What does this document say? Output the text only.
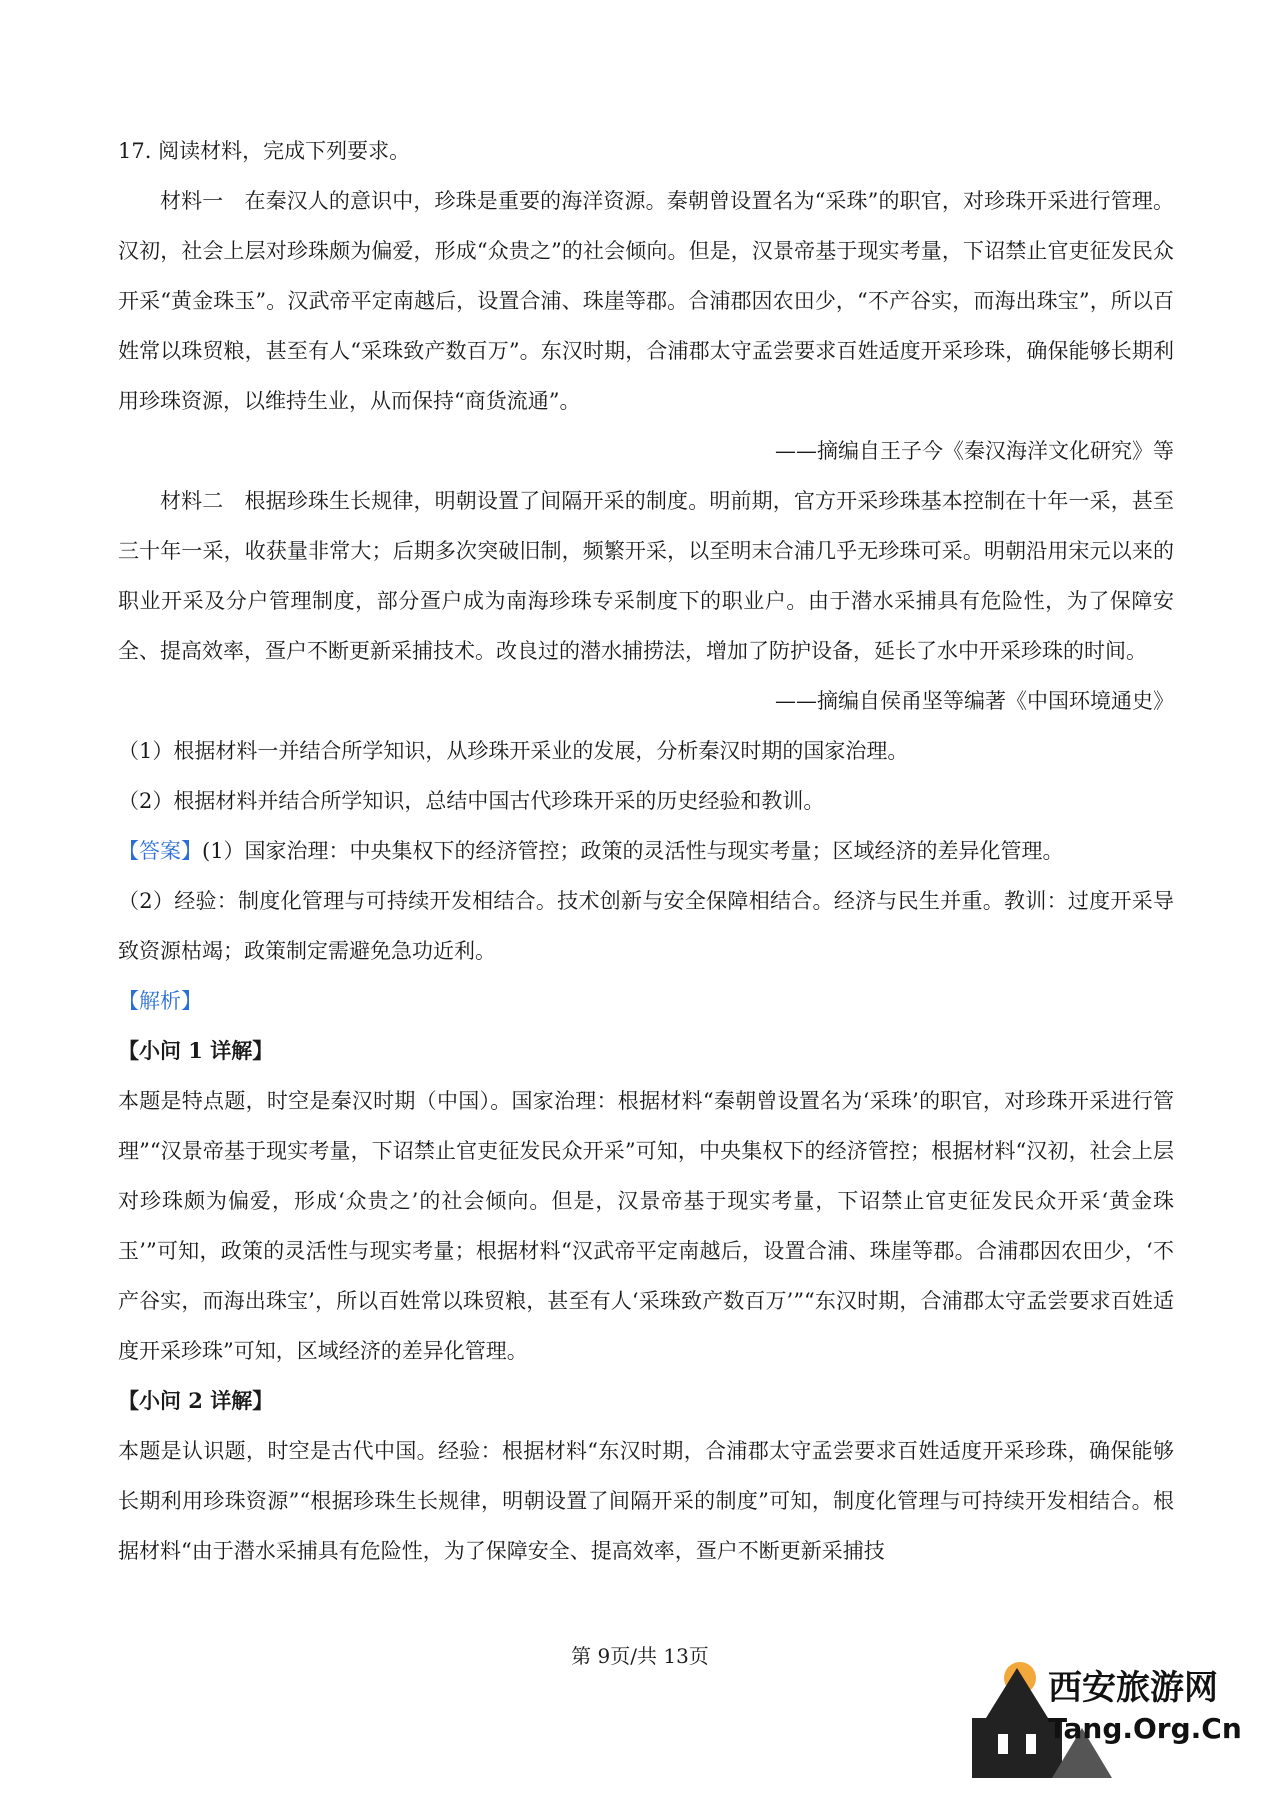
17. 阅读材料，完成下列要求。
材料一　在秦汉人的意识中，珍珠是重要的海洋资源。秦朝曾设置名为“采珠”的职官，对珍珠开采进行管理。汉初，社会上层对珍珠颇为偏爱，形成“众贵之”的社会倾向。但是，汉景帝基于现实考量，下诏禁止官吏征发民众开采“黄金珠玉”。汉武帝平定南越后，设置合浦、珠崖等郡。合浦郡因农田少，“不产谷实，而海出珠宝”，所以百姓常以珠贸粮，甚至有人“采珠致产数百万”。东汉时期，合浦郡太守孟尝要求百姓适度开采珍珠，确保能够长期利用珍珠资源，以维持生业，从而保持“商货流通”。
——摘编自王子今《秦汉海洋文化研究》等
材料二　根据珍珠生长规律，明朝设置了间隔开采的制度。明前期，官方开采珍珠基本控制在十年一采，甚至三十年一采，收获量非常大；后期多次突破旧制，频繁开采，以至明末合浦几乎无珍珠可采。明朝沿用宋元以来的职业开采及分户管理制度，部分疍户成为南海珍珠专采制度下的职业户。由于潜水采捕具有危险性，为了保障安全、提高效率，疍户不断更新采捕技术。改良过的潜水捕捞法，增加了防护设备，延长了水中开采珍珠的时间。
——摘编自侯甬坚等编著《中国环境通史》
（1）根据材料一并结合所学知识，从珍珠开采业的发展，分析秦汉时期的国家治理。
（2）根据材料并结合所学知识，总结中国古代珍珠开采的历史经验和教训。
【答案】(1）国家治理：中央集权下的经济管控；政策的灵活性与现实考量；区域经济的差异化管理。
（2）经验：制度化管理与可持续开发相结合。技术创新与安全保障相结合。经济与民生并重。教训：过度开采导致资源枯竭；政策制定需避免急功近利。
【解析】
【小问 1 详解】
本题是特点题，时空是秦汉时期（中国）。国家治理：根据材料“秦朝曾设置名为‘采珠’的职官，对珍珠开采进行管理”“汉景帝基于现实考量，下诏禁止官吏征发民众开采”可知，中央集权下的经济管控；根据材料“汉初，社会上层对珍珠颇为偏爱，形成‘众贵之’的社会倾向。但是，汉景帝基于现实考量，下诏禁止官吏征发民众开采‘黄金珠玉’”可知，政策的灵活性与现实考量；根据材料“汉武帝平定南越后，设置合浦、珠崖等郡。合浦郡因农田少，‘不产谷实，而海出珠宝’，所以百姓常以珠贸粮，甚至有人‘采珠致产数百万’”“东汉时期，合浦郡太守孟尝要求百姓适度开采珍珠”可知，区域经济的差异化管理。
【小问 2 详解】
本题是认识题，时空是古代中国。经验：根据材料“东汉时期，合浦郡太守孟尝要求百姓适度开采珍珠，确保能够长期利用珍珠资源”“根据珍珠生长规律，明朝设置了间隔开采的制度”可知，制度化管理与可持续开发相结合。根据材料“由于潜水采捕具有危险性，为了保障安全、提高效率，疍户不断更新采捕技
第 9页/共 13页
西安旅游网
Tang.Org.Cn
